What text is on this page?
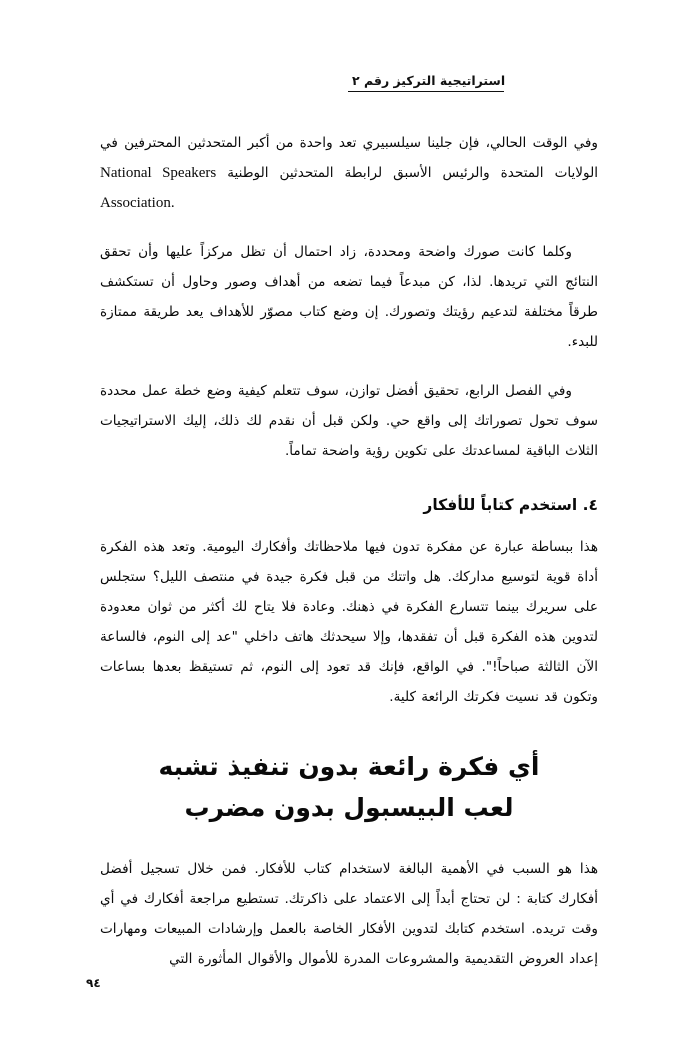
استراتيجية التركيز رقم ٢

وفي الوقت الحالي، فإن جلينا سيلسبيري تعد واحدة من أكبر المتحدثين المحترفين في الولايات المتحدة والرئيس الأسبق لرابطة المتحدثين الوطنية National Speakers Association.

وكلما كانت صورك واضحة ومحددة، زاد احتمال أن تظل مركزاً عليها وأن تحقق النتائج التي تريدها. لذا، كن مبدعاً فيما تضعه من أهداف وصور وحاول أن تستكشف طرقاً مختلفة لتدعيم رؤيتك وتصورك. إن وضع كتاب مصوّر للأهداف يعد طريقة ممتازة للبدء.

وفي الفصل الرابع، تحقيق أفضل توازن، سوف تتعلم كيفية وضع خطة عمل محددة سوف تحول تصوراتك إلى واقع حي. ولكن قبل أن نقدم لك ذلك، إليك الاستراتيجيات الثلاث الباقية لمساعدتك على تكوين رؤية واضحة تماماً.

٤. استخدم كتاباً للأفكار

هذا ببساطة عبارة عن مفكرة تدون فيها ملاحظاتك وأفكارك اليومية. وتعد هذه الفكرة أداة قوية لتوسيع مداركك. هل واتتك من قبل فكرة جيدة في منتصف الليل؟ ستجلس على سريرك بينما تتسارع الفكرة في ذهنك. وعادة فلا يتاح لك أكثر من ثوان معدودة لتدوين هذه الفكرة قبل أن تفقدها، وإلا سيحدثك هاتف داخلي "عد إلى النوم، فالساعة الآن الثالثة صباحاً!". في الواقع، فإنك قد تعود إلى النوم، ثم تستيقظ بعدها بساعات وتكون قد نسيت فكرتك الرائعة كلية.

أي فكرة رائعة بدون تنفيذ تشبه
لعب البيسبول بدون مضرب

هذا هو السبب في الأهمية البالغة لاستخدام كتاب للأفكار. فمن خلال تسجيل أفضل أفكارك كتابة : لن تحتاج أبداً إلى الاعتماد على ذاكرتك. تستطيع مراجعة أفكارك في أي وقت تريده. استخدم كتابك لتدوين الأفكار الخاصة بالعمل وإرشادات المبيعات ومهارات إعداد العروض التقديمية والمشروعات المدرة للأموال والأقوال المأثورة التي

٩٤
